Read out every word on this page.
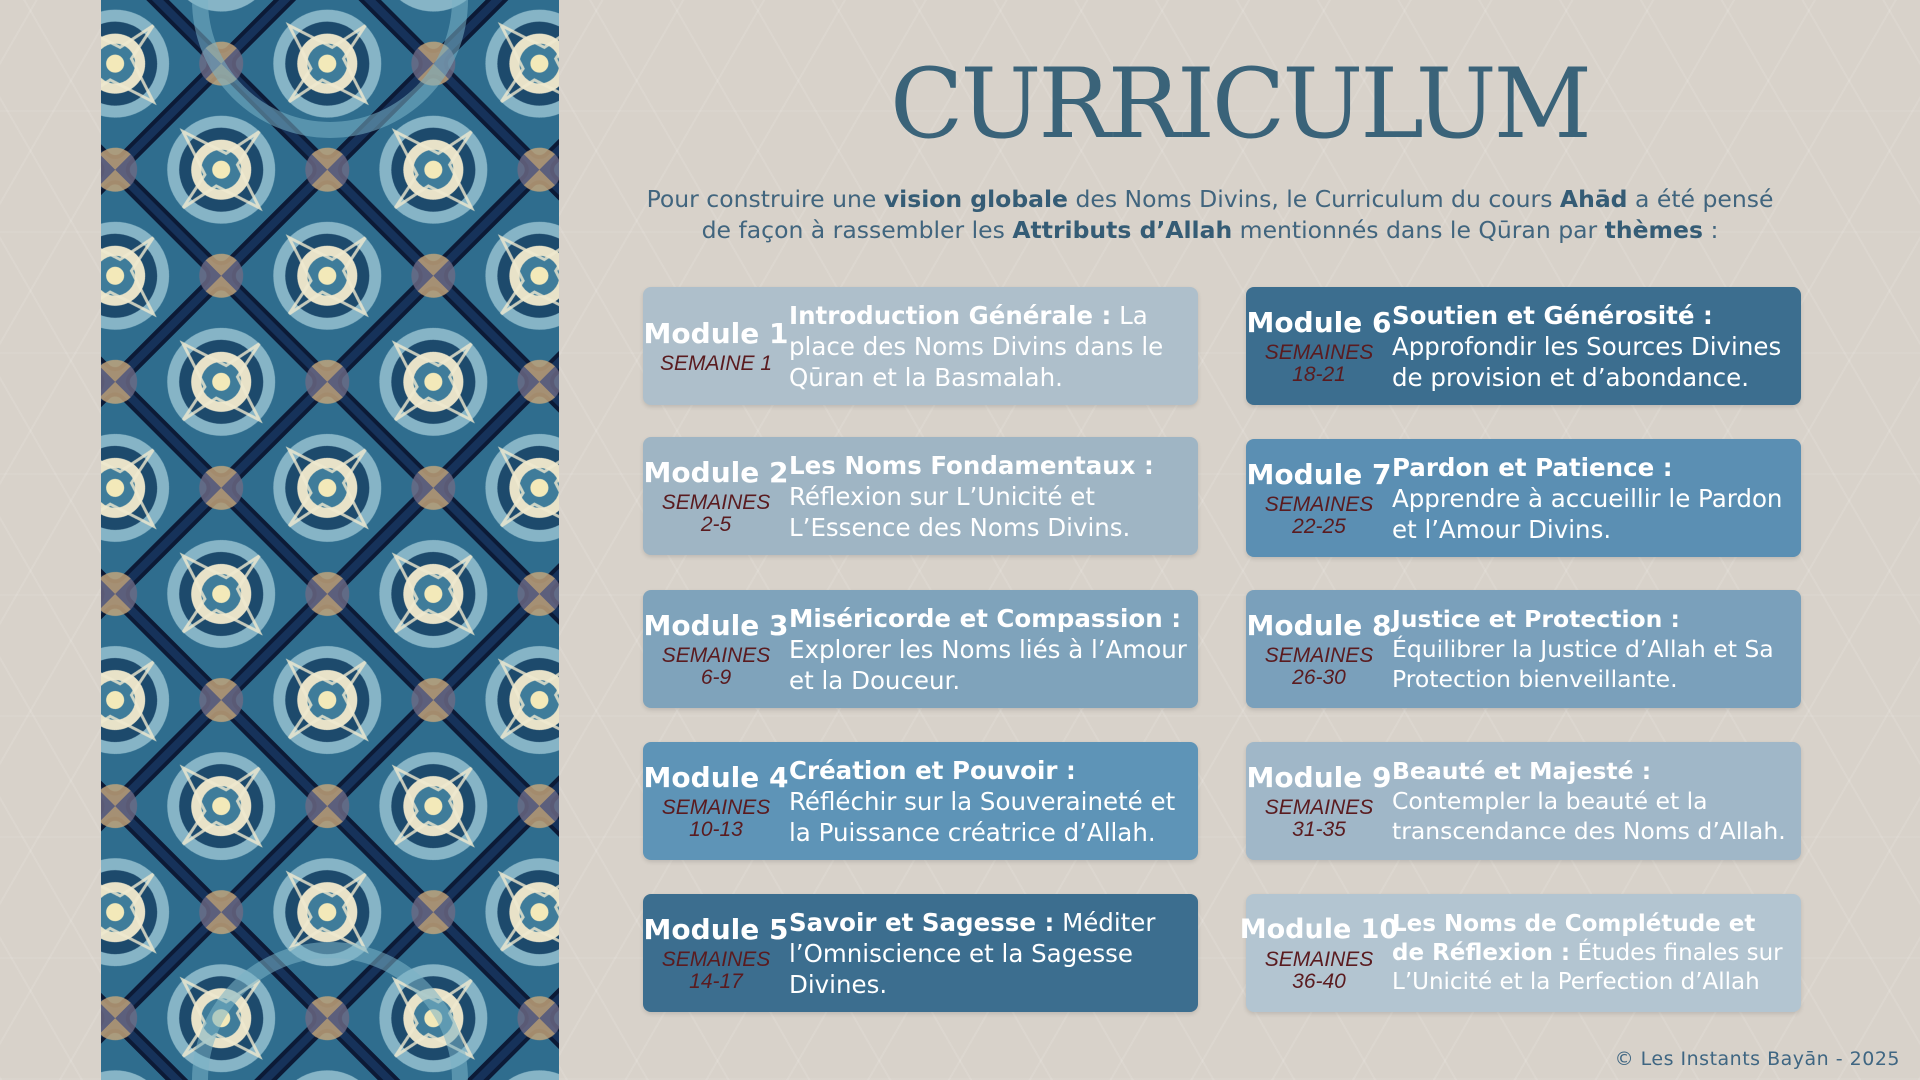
CURRICULUM

Pour construire une vision globale des Noms Divins, le Curriculum du cours Ahād a été pensé de façon à rassembler les Attributs d’Allah mentionnés dans le Qūran par thèmes :

Module 1
SEMAINE 1
Introduction Générale : La place des Noms Divins dans le Qūran et la Basmalah.
Module 2
SEMAINES
2-5
Les Noms Fondamentaux : Réflexion sur L’Unicité et L’Essence des Noms Divins.
Module 3
SEMAINES
6-9
Miséricorde et Compassion : Explorer les Noms liés à l’Amour et la Douceur.
Module 4
SEMAINES
10-13
Création et Pouvoir : Réfléchir sur la Souveraineté et la Puissance créatrice d’Allah.
Module 5
SEMAINES
14-17
Savoir et Sagesse : Méditer l’Omniscience et la Sagesse Divines.
Module 6
SEMAINES
18-21
Soutien et Générosité : Approfondir les Sources Divines de provision et d’abondance.
Module 7
SEMAINES
22-25
Pardon et Patience : Apprendre à accueillir le Pardon et l’Amour Divins.
Module 8
SEMAINES
26-30
Justice et Protection : Équilibrer la Justice d’Allah et Sa Protection bienveillante.
Module 9
SEMAINES
31-35
Beauté et Majesté : Contempler la beauté et la transcendance des Noms d’Allah.
Module 10
SEMAINES
36-40
Les Noms de Complétude et de Réflexion : Études finales sur L’Unicité et la Perfection d’Allah
© Les Instants Bayān - 2025
